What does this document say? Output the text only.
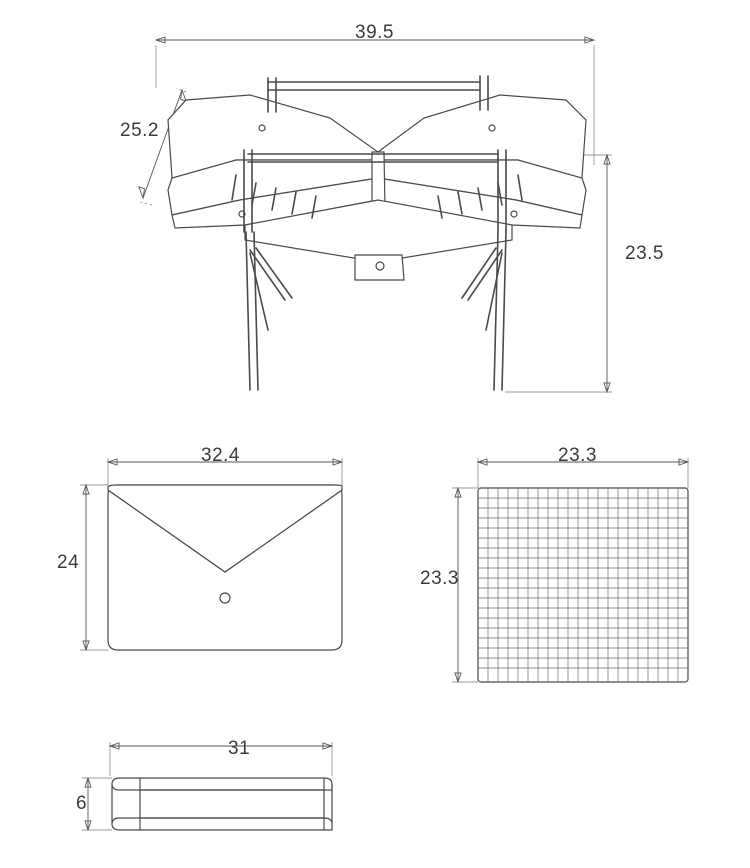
39.5
25.2
23.5
32.4
24
23.3
23.3
31
6
